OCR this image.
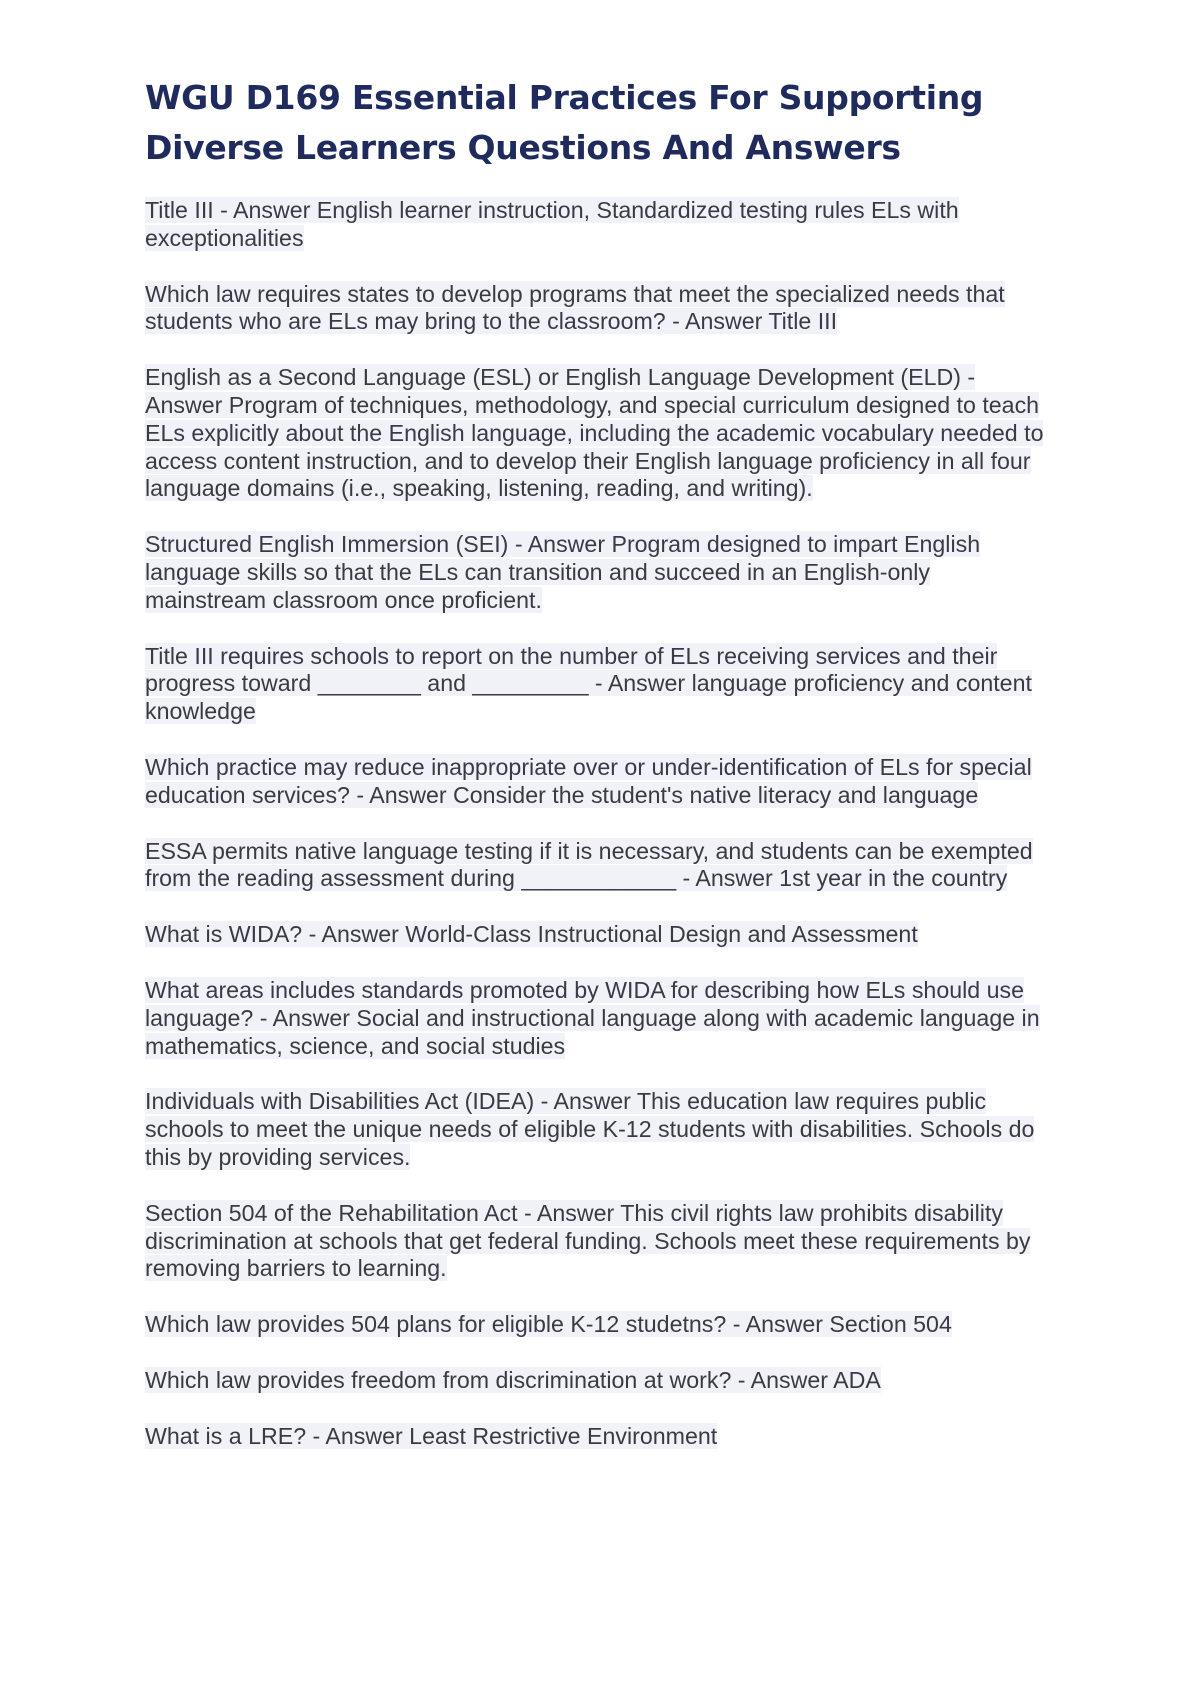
WGU D169 Essential Practices For Supporting
Diverse Learners Questions And Answers

Title III - Answer English learner instruction, Standardized testing rules ELs with exceptionalities

Which law requires states to develop programs that meet the specialized needs that students who are ELs may bring to the classroom? - Answer Title III

English as a Second Language (ESL) or English Language Development (ELD) - Answer Program of techniques, methodology, and special curriculum designed to teach ELs explicitly about the English language, including the academic vocabulary needed to access content instruction, and to develop their English language proficiency in all four language domains (i.e., speaking, listening, reading, and writing).

Structured English Immersion (SEI) - Answer Program designed to impart English language skills so that the ELs can transition and succeed in an English-only mainstream classroom once proficient.

Title III requires schools to report on the number of ELs receiving services and their progress toward ________ and _________ - Answer language proficiency and content knowledge

Which practice may reduce inappropriate over or under-identification of ELs for special education services? - Answer Consider the student's native literacy and language

ESSA permits native language testing if it is necessary, and students can be exempted from the reading assessment during ____________ - Answer 1st year in the country

What is WIDA? - Answer World-Class Instructional Design and Assessment

What areas includes standards promoted by WIDA for describing how ELs should use language? - Answer Social and instructional language along with academic language in mathematics, science, and social studies

Individuals with Disabilities Act (IDEA) - Answer This education law requires public schools to meet the unique needs of eligible K-12 students with disabilities. Schools do this by providing services.

Section 504 of the Rehabilitation Act - Answer This civil rights law prohibits disability discrimination at schools that get federal funding. Schools meet these requirements by removing barriers to learning.

Which law provides 504 plans for eligible K-12 studetns? - Answer Section 504

Which law provides freedom from discrimination at work? - Answer ADA

What is a LRE? - Answer Least Restrictive Environment
